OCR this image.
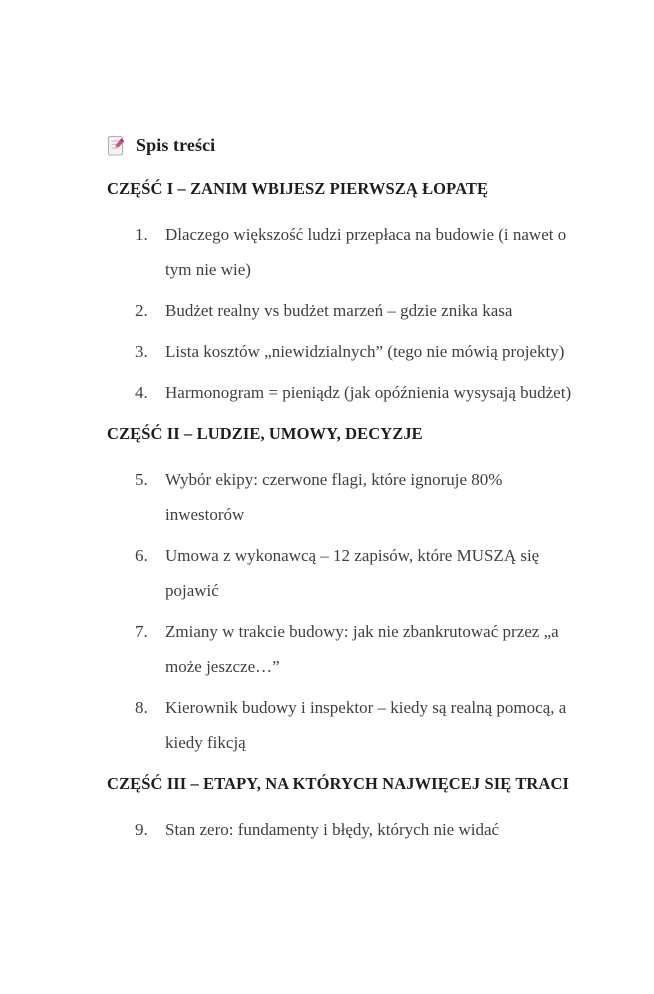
Spis treści
CZĘŚĆ I – ZANIM WBIJESZ PIERWSZĄ ŁOPATĘ
1.	Dlaczego większość ludzi przepłaca na budowie (i nawet o tym nie wie)
2.	Budżet realny vs budżet marzeń – gdzie znika kasa
3.	Lista kosztów „niewidzialnych” (tego nie mówią projekty)
4.	Harmonogram = pieniądz (jak opóźnienia wysysają budżet)
CZĘŚĆ II – LUDZIE, UMOWY, DECYZJE
5.	Wybór ekipy: czerwone flagi, które ignoruje 80% inwestorów
6.	Umowa z wykonawcą – 12 zapisów, które MUSZĄ się pojawić
7.	Zmiany w trakcie budowy: jak nie zbankrutować przez „a może jeszcze…”
8.	Kierownik budowy i inspektor – kiedy są realną pomocą, a kiedy fikcją
CZĘŚĆ III – ETAPY, NA KTÓRYCH NAJWIĘCEJ SIĘ TRACI
9.	Stan zero: fundamenty i błędy, których nie widać
